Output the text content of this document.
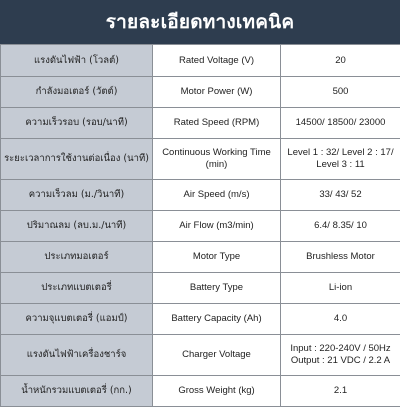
รายละเอียดทางเทคนิค
แรงดันไฟฟ้า (โวลต์)	Rated Voltage (V)	20
กำลังมอเตอร์ (วัตต์)	Motor Power (W)	500
ความเร็วรอบ (รอบ/นาที)	Rated Speed (RPM)	14500/ 18500/ 23000
ระยะเวลาการใช้งานต่อเนื่อง (นาที)	Continuous Working Time (min)	Level 1 : 32/ Level 2 : 17/ Level 3 : 11
ความเร็วลม (ม./วินาที)	Air Speed (m/s)	33/ 43/ 52
ปริมาณลม (ลบ.ม./นาที)	Air Flow (m3/min)	6.4/ 8.35/ 10
ประเภทมอเตอร์	Motor Type	Brushless Motor
ประเภทแบตเตอรี่	Battery Type	Li-ion
ความจุแบตเตอรี่ (แอมป์)	Battery Capacity (Ah)	4.0
แรงดันไฟฟ้าเครื่องชาร์จ	Charger Voltage	Input : 220-240V / 50Hz Output : 21 VDC / 2.2 A
น้ำหนักรวมแบตเตอรี่ (กก.)	Gross Weight (kg)	2.1
